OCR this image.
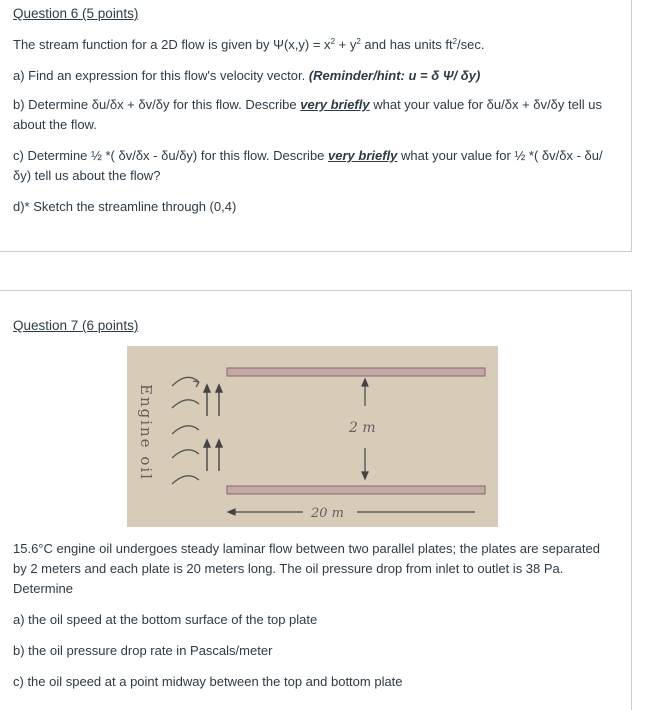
Question 6 (5 points)
The stream function for a 2D flow is given by $\Psi(x,y) = x^2 + y^2$ and has units $ft^2/\sec$.
a) Find an expression for this flow's velocity vector. (Reminder/hint: u = δ Ψ/ δy)
b) Determine δu/δx + δv/δy for this flow. Describe very briefly what your value for δu/δx + δv/δy tell us about the flow.
c) Determine ½ *( δv/δx - δu/δy) for this flow. Describe very briefly what your value for ½ *( δv/δx - δu/δy) tell us about the flow?
d)* Sketch the streamline through (0,4)
Question 7 (6 points)
Engine oil	2 m
20 m
15.6°C engine oil undergoes steady laminar flow between two parallel plates; the plates are separated by 2 meters and each plate is 20 meters long. The oil pressure drop from inlet to outlet is 38 Pa. Determine
a) the oil speed at the bottom surface of the top plate
b) the oil pressure drop rate in Pascals/meter
c) the oil speed at a point midway between the top and bottom plate
